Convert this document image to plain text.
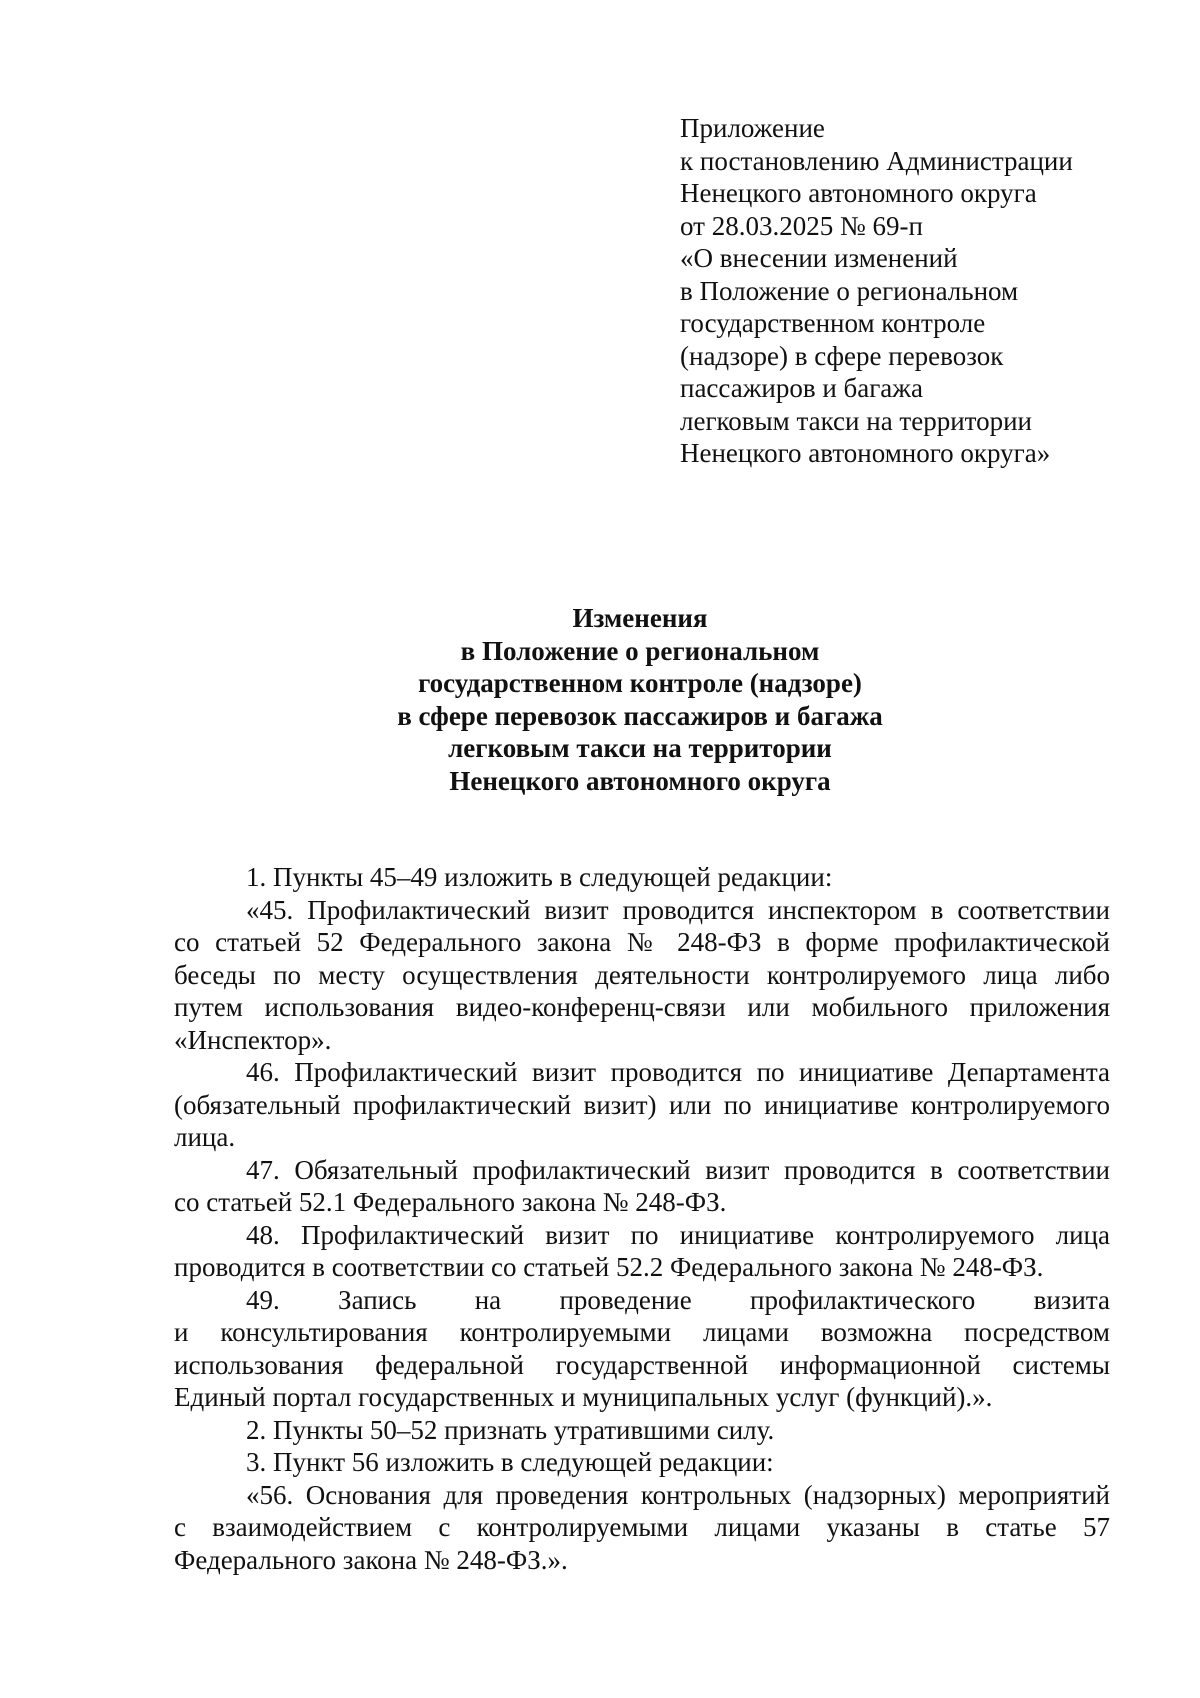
Приложение
к постановлению Администрации
Ненецкого автономного округа
от 28.03.2025 № 69-п
«О внесении изменений
в Положение о региональном
государственном контроле
(надзоре) в сфере перевозок
пассажиров и багажа
легковым такси на территории
Ненецкого автономного округа»
Изменения
в Положение о региональном
государственном контроле (надзоре)
в сфере перевозок пассажиров и багажа
легковым такси на территории
Ненецкого автономного округа
1. Пункты 45–49 изложить в следующей редакции:
«45. Профилактический визит проводится инспектором в соответствии
со статьей 52 Федерального закона № 248-ФЗ в форме профилактической
беседы по месту осуществления деятельности контролируемого лица либо
путем использования видео-конференц-связи или мобильного приложения
«Инспектор».
46. Профилактический визит проводится по инициативе Департамента
(обязательный профилактический визит) или по инициативе контролируемого
лица.
47. Обязательный профилактический визит проводится в соответствии
со статьей 52.1 Федерального закона № 248-ФЗ.
48. Профилактический визит по инициативе контролируемого лица
проводится в соответствии со статьей 52.2 Федерального закона № 248-ФЗ.
49. Запись на проведение профилактического визита
и консультирования контролируемыми лицами возможна посредством
использования федеральной государственной информационной системы
Единый портал государственных и муниципальных услуг (функций).».
2. Пункты 50–52 признать утратившими силу.
3. Пункт 56 изложить в следующей редакции:
«56. Основания для проведения контрольных (надзорных) мероприятий
с взаимодействием с контролируемыми лицами указаны в статье 57
Федерального закона № 248-ФЗ.».
